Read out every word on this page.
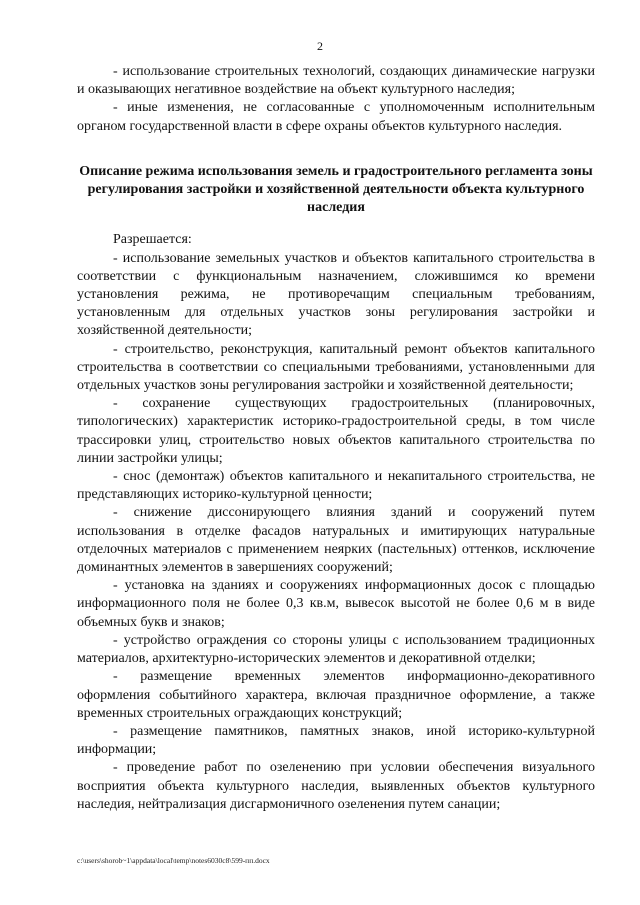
2

- использование строительных технологий, создающих динамические нагрузки и оказывающих негативное воздействие на объект культурного наследия;

- иные изменения, не согласованные с уполномоченным исполнительным органом государственной власти в сфере охраны объектов культурного наследия.

Описание режима использования земель и градостроительного регламента зоны регулирования застройки и хозяйственной деятельности объекта культурного наследия

Разрешается:

- использование земельных участков и объектов капитального строительства в соответствии с функциональным назначением, сложившимся ко времени установления режима, не противоречащим специальным требованиям, установленным для отдельных участков зоны регулирования застройки и хозяйственной деятельности;

- строительство, реконструкция, капитальный ремонт объектов капитального строительства в соответствии со специальными требованиями, установленными для отдельных участков зоны регулирования застройки и хозяйственной деятельности;

- сохранение существующих градостроительных (планировочных, типологических) характеристик историко-градостроительной среды, в том числе трассировки улиц, строительство новых объектов капитального строительства по линии застройки улицы;

- снос (демонтаж) объектов капитального и некапитального строительства, не представляющих историко-культурной ценности;

- снижение диссонирующего влияния зданий и сооружений путем использования в отделке фасадов натуральных и имитирующих натуральные отделочных материалов с применением неярких (пастельных) оттенков, исключение доминантных элементов в завершениях сооружений;

- установка на зданиях и сооружениях информационных досок с площадью информационного поля не более 0,3 кв.м, вывесок высотой не более 0,6 м в виде объемных букв и знаков;

- устройство ограждения со стороны улицы с использованием традиционных материалов, архитектурно-исторических элементов и декоративной отделки;

- размещение временных элементов информационно-декоративного оформления событийного характера, включая праздничное оформление, а также временных строительных ограждающих конструкций;

- размещение памятников, памятных знаков, иной историко-культурной информации;

- проведение работ по озеленению при условии обеспечения визуального восприятия объекта культурного наследия, выявленных объектов культурного наследия, нейтрализация дисгармоничного озеленения путем санации;

c:\users\shorob~1\appdata\local\temp\notes6030c8\599-пп.docx
